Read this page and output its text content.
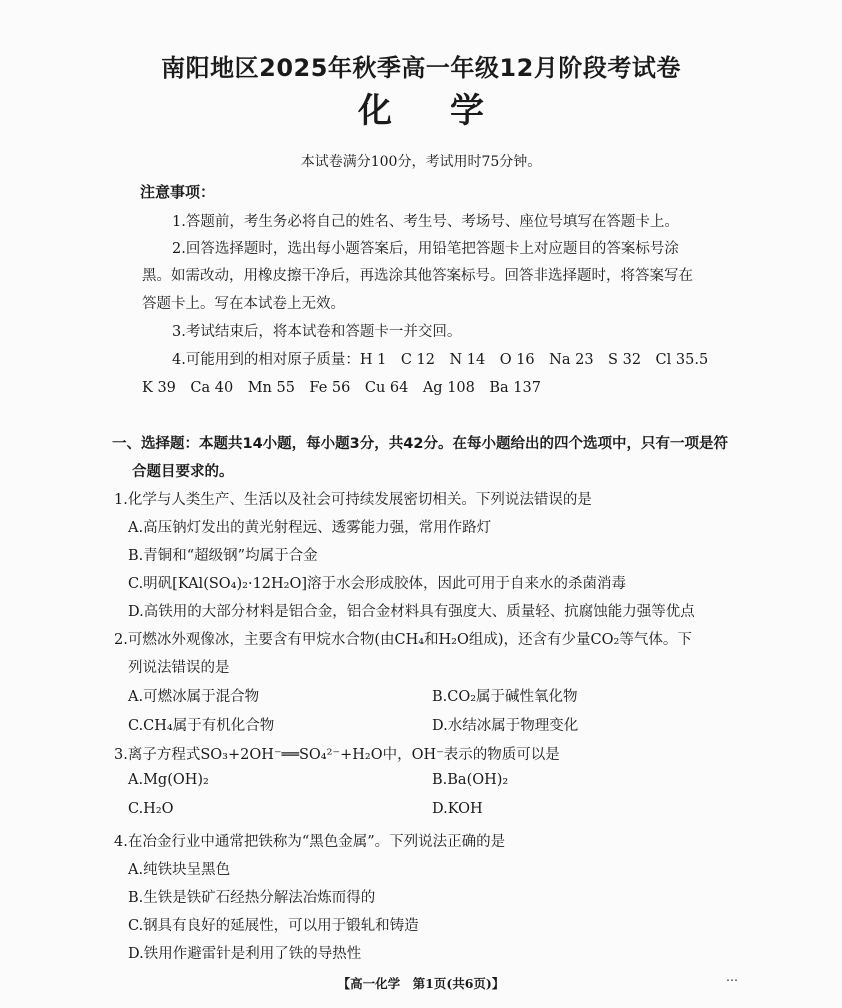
南阳地区2025年秋季高一年级12月阶段考试卷
化学
本试卷满分100分，考试用时75分钟。
注意事项：
1.答题前，考生务必将自己的姓名、考生号、考场号、座位号填写在答题卡上。
2.回答选择题时，选出每小题答案后，用铅笔把答题卡上对应题目的答案标号涂
黑。如需改动，用橡皮擦干净后，再选涂其他答案标号。回答非选择题时，将答案写在
答题卡上。写在本试卷上无效。
3.考试结束后，将本试卷和答题卡一并交回。
4.可能用到的相对原子质量：H 1　C 12　N 14　O 16　Na 23　S 32　Cl 35.5
K 39　Ca 40　Mn 55　Fe 56　Cu 64　Ag 108　Ba 137
一、选择题：本题共14小题，每小题3分，共42分。在每小题给出的四个选项中，只有一项是符
合题目要求的。
1.化学与人类生产、生活以及社会可持续发展密切相关。下列说法错误的是
A.高压钠灯发出的黄光射程远、透雾能力强，常用作路灯
B.青铜和“超级钢”均属于合金
C.明矾[KAl(SO₄)₂·12H₂O]溶于水会形成胶体，因此可用于自来水的杀菌消毒
D.高铁用的大部分材料是铝合金，铝合金材料具有强度大、质量轻、抗腐蚀能力强等优点
2.可燃冰外观像冰，主要含有甲烷水合物(由CH₄和H₂O组成)，还含有少量CO₂等气体。下
列说法错误的是
A.可燃冰属于混合物	B.CO₂属于碱性氧化物
C.CH₄属于有机化合物	D.水结冰属于物理变化
3.离子方程式SO₃+2OH⁻══SO₄²⁻+H₂O中，OH⁻表示的物质可以是
A.Mg(OH)₂	B.Ba(OH)₂
C.H₂O	D.KOH
4.在冶金行业中通常把铁称为“黑色金属”。下列说法正确的是
A.纯铁块呈黑色
B.生铁是铁矿石经热分解法冶炼而得的
C.钢具有良好的延展性，可以用于锻轧和铸造
D.铁用作避雷针是利用了铁的导热性
【高一化学　第1页(共6页)】	…
